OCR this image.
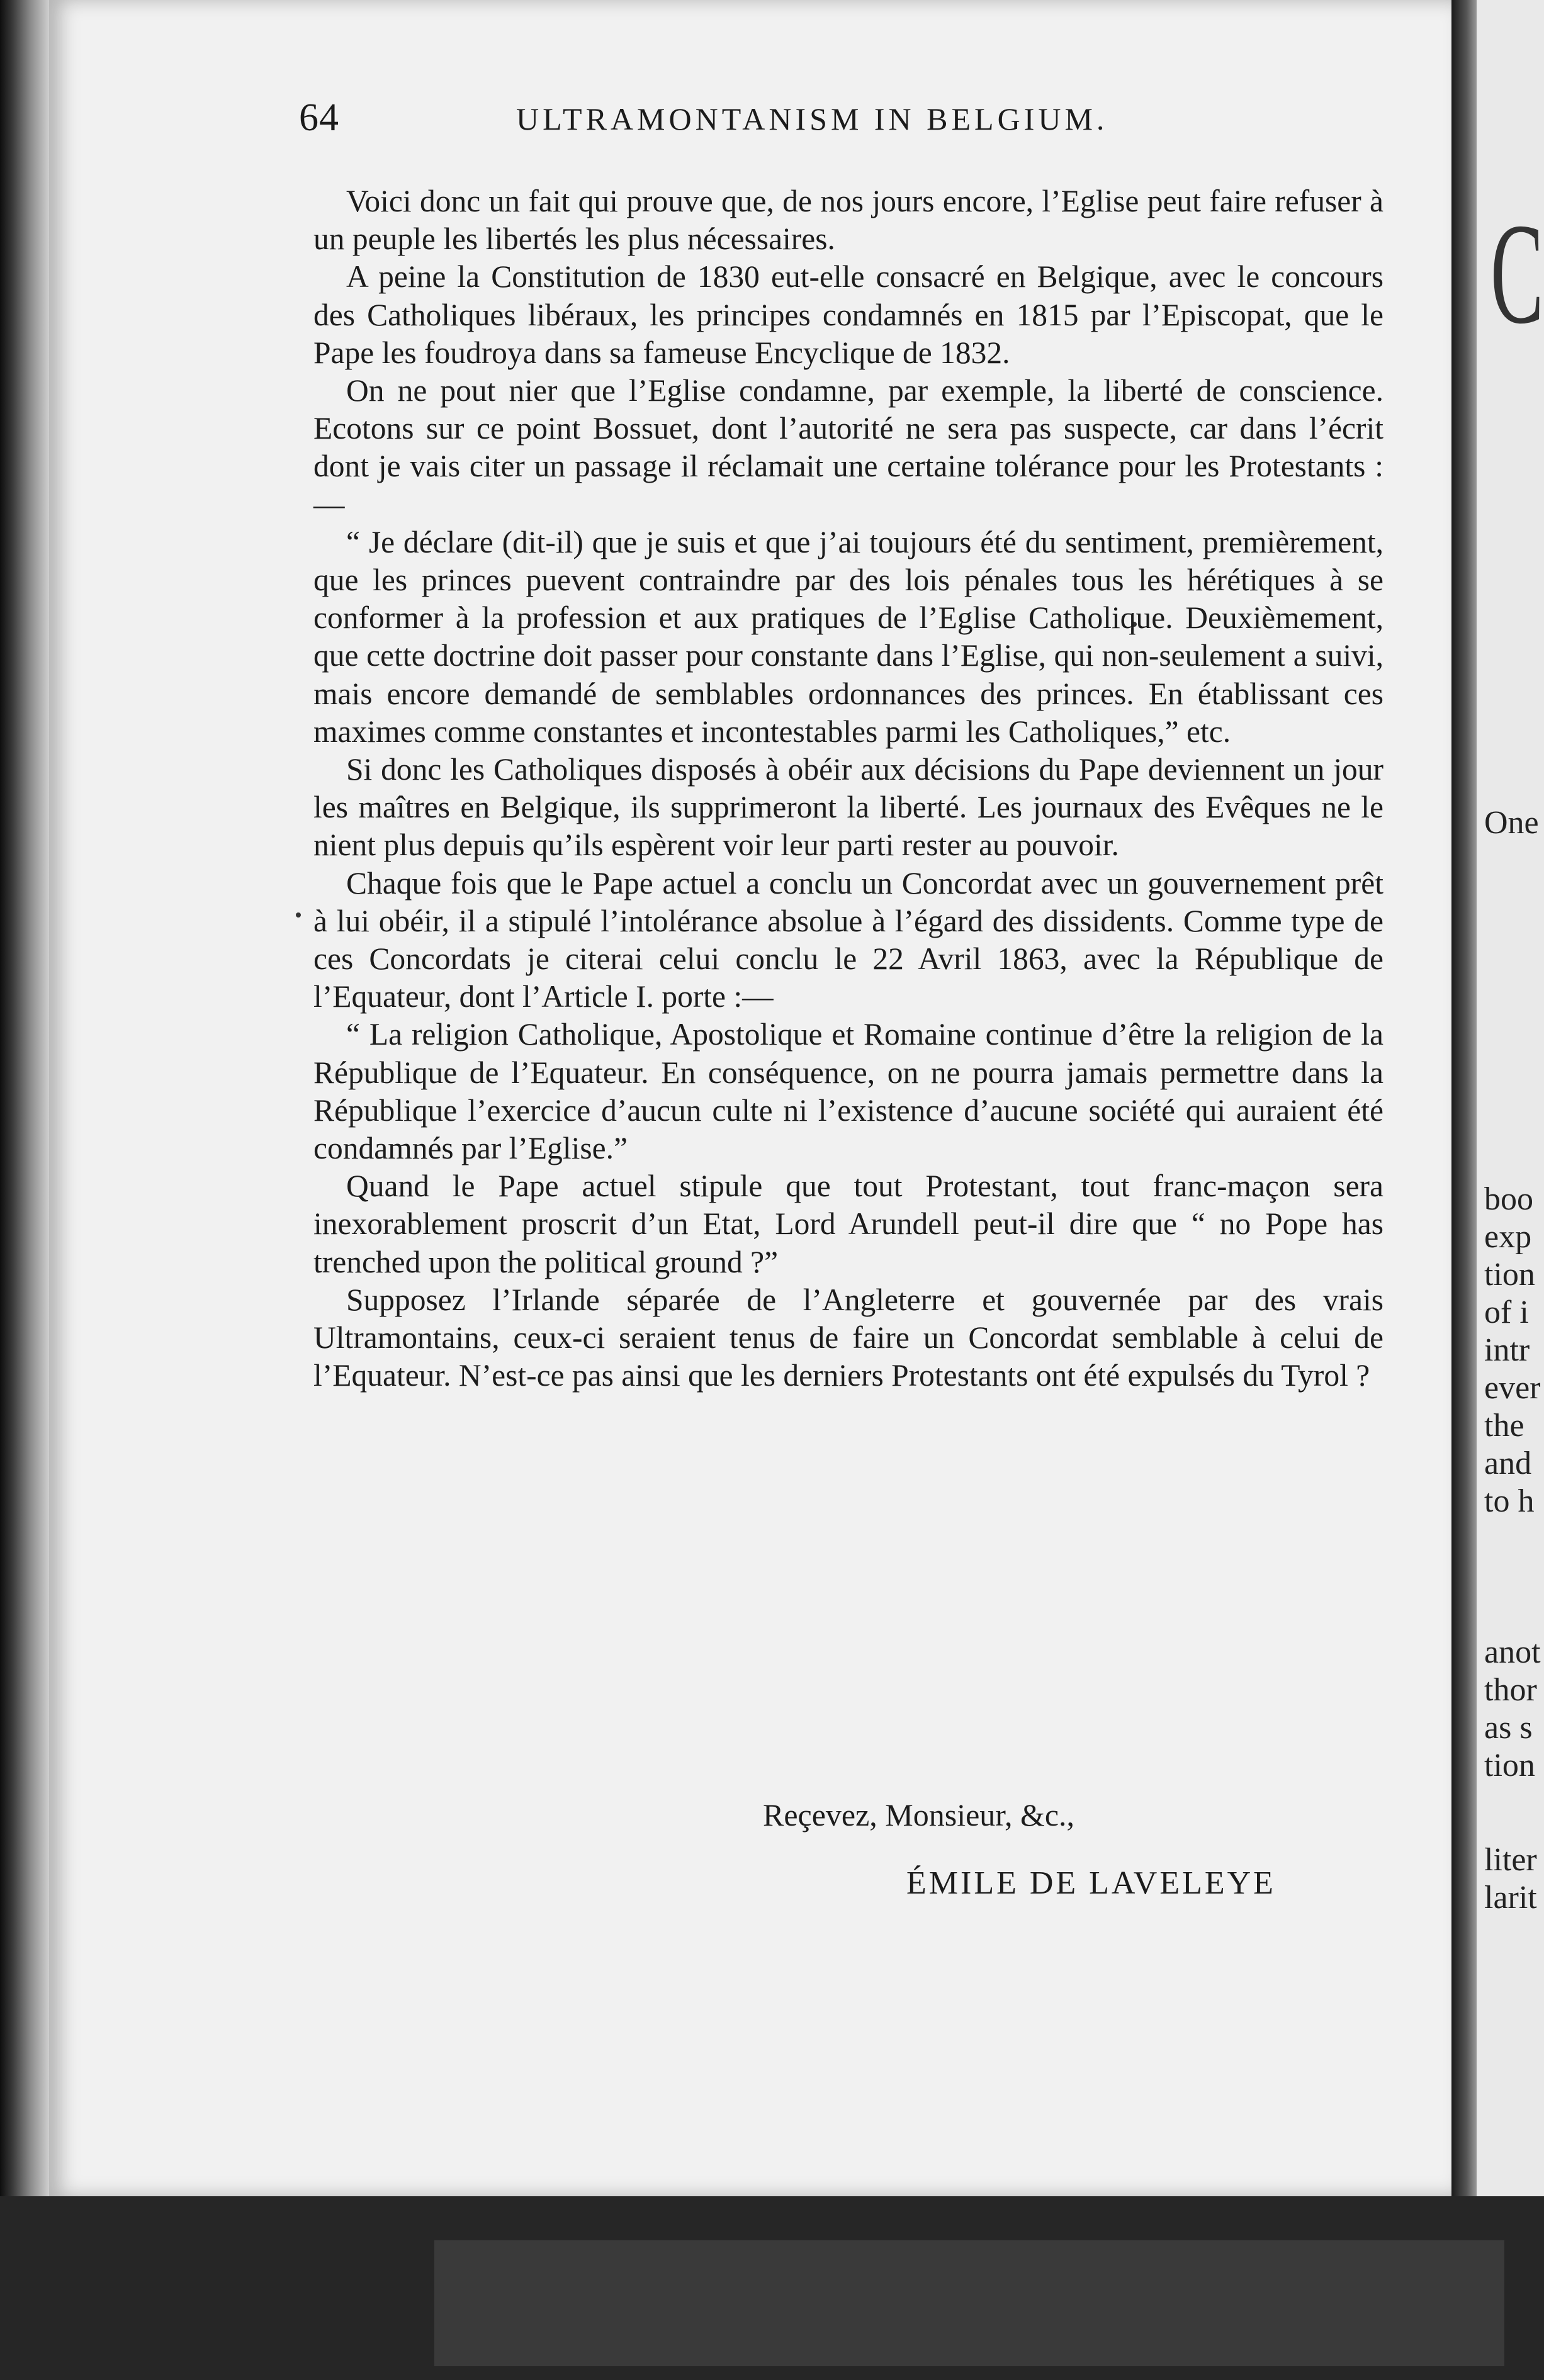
64	ULTRAMONTANISM IN BELGIUM.

Voici donc un fait qui prouve que, de nos jours encore, l’Eglise peut faire refuser à un peuple les libertés les plus nécessaires.

A peine la Constitution de 1830 eut-elle consacré en Belgique, avec le concours des Catholiques libéraux, les principes condamnés en 1815 par l’Episcopat, que le Pape les foudroya dans sa fameuse Encyclique de 1832.

On ne pout nier que l’Eglise condamne, par exemple, la liberté de conscience. Ecotons sur ce point Bossuet, dont l’autorité ne sera pas suspecte, car dans l’écrit dont je vais citer un passage il réclamait une certaine tolérance pour les Protestants :—

“ Je déclare (dit-il) que je suis et que j’ai toujours été du sentiment, premièrement, que les princes puevent contraindre par des lois pénales tous les hérétiques à se conformer à la profession et aux pratiques de l’Eglise Catholique. Deuxièmement, que cette doctrine doit passer pour constante dans l’Eglise, qui non-seulement a suivi, mais encore demandé de semblables ordonnances des princes. En établissant ces maximes comme constantes et incontestables parmi les Catholiques,” etc.

Si donc les Catholiques disposés à obéir aux décisions du Pape deviennent un jour les maîtres en Belgique, ils supprimeront la liberté. Les journaux des Evêques ne le nient plus depuis qu’ils espèrent voir leur parti rester au pouvoir.

Chaque fois que le Pape actuel a conclu un Concordat avec un gouvernement prêt à lui obéir, il a stipulé l’intolérance absolue à l’égard des dissidents. Comme type de ces Concordats je citerai celui conclu le 22 Avril 1863, avec la République de l’Equateur, dont l’Article I. porte :—

“ La religion Catholique, Apostolique et Romaine continue d’être la religion de la République de l’Equateur. En conséquence, on ne pourra jamais permettre dans la République l’exercice d’aucun culte ni l’existence d’aucune société qui auraient été condamnés par l’Eglise.”

Quand le Pape actuel stipule que tout Protestant, tout franc-maçon sera inexorablement proscrit d’un Etat, Lord Arundell peut-il dire que “ no Pope has trenched upon the political ground ?”

Supposez l’Irlande séparée de l’Angleterre et gouvernée par des vrais Ultramontains, ceux-ci seraient tenus de faire un Concordat semblable à celui de l’Equateur. N’est-ce pas ainsi que les derniers Protestants ont été expulsés du Tyrol ?

Reçevez, Monsieur, &c.,
ÉMILE DE LAVELEYE
C
One
boo
exp
tion
of i
intr
ever
the
and
to h
anot
thor
as s
tion
liter
larit
